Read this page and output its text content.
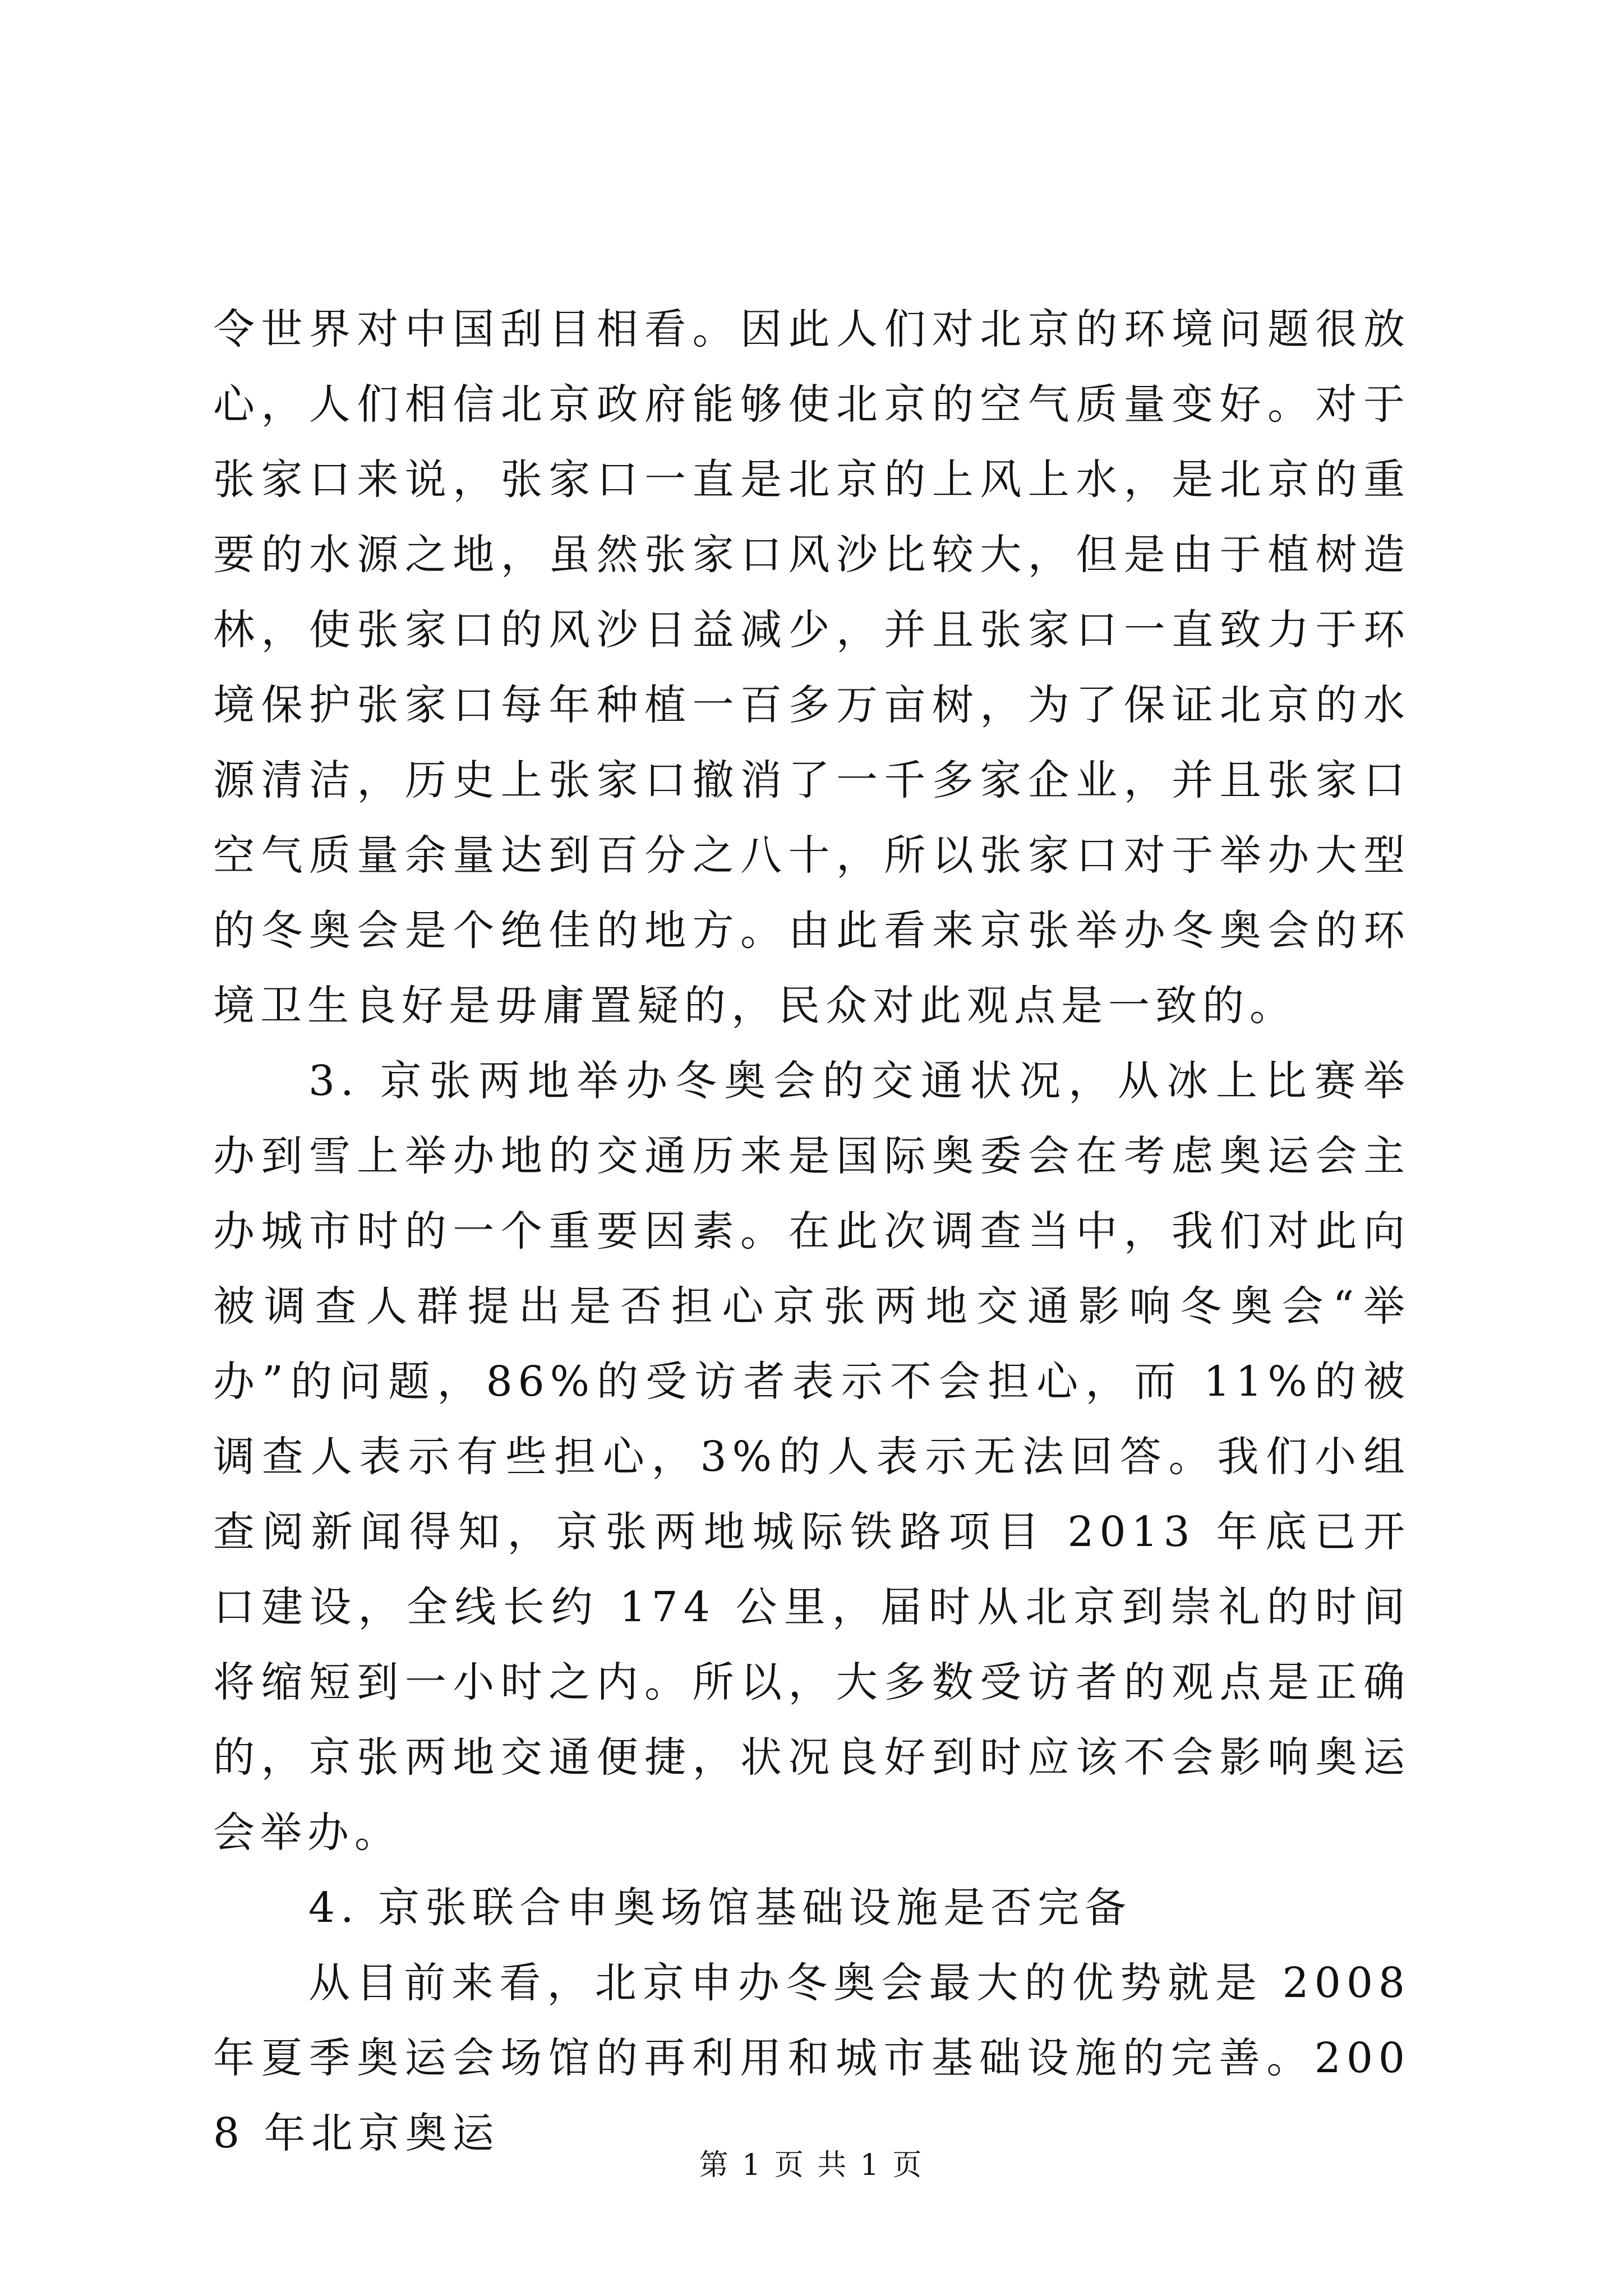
令世界对中国刮目相看。因此人们对北京的环境问题很放心，人们相信北京政府能够使北京的空气质量变好。对于张家口来说，张家口一直是北京的上风上水，是北京的重要的水源之地，虽然张家口风沙比较大，但是由于植树造林，使张家口的风沙日益减少，并且张家口一直致力于环境保护张家口每年种植一百多万亩树，为了保证北京的水源清洁，历史上张家口撤消了一千多家企业，并且张家口空气质量余量达到百分之八十，所以张家口对于举办大型的冬奥会是个绝佳的地方。由此看来京张举办冬奥会的环境卫生良好是毋庸置疑的，民众对此观点是一致的。

3. 京张两地举办冬奥会的交通状况，从冰上比赛举办到雪上举办地的交通历来是国际奥委会在考虑奥运会主办城市时的一个重要因素。在此次调查当中，我们对此向被调查人群提出是否担心京张两地交通影响冬奥会“举办”的问题，86%的受访者表示不会担心，而 11%的被调查人表示有些担心，3%的人表示无法回答。我们小组查阅新闻得知，京张两地城际铁路项目 2013 年底已开口建设，全线长约 174 公里，届时从北京到崇礼的时间将缩短到一小时之内。所以，大多数受访者的观点是正确的，京张两地交通便捷，状况良好到时应该不会影响奥运会举办。

4. 京张联合申奥场馆基础设施是否完备

从目前来看，北京申办冬奥会最大的优势就是 2008 年夏季奥运会场馆的再利用和城市基础设施的完善。2008 年北京奥运

第 1 页 共 1 页
